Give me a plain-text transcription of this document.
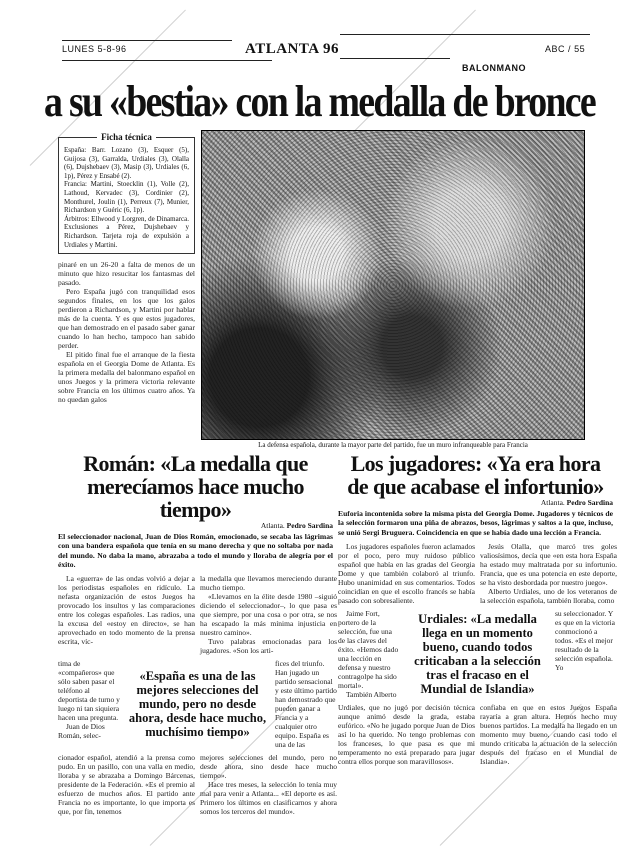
LUNES 5-8-96	ATLANTA 96	ABC / 55
BALONMANO
a su «bestia» con la medalla de bronce
Ficha técnica

España: Barr. Lozano (3), Esquer (5), Guijosa (3), Garralda, Urdiales (3), Olalla (6), Dujshebaev (3), Masip (3), Urdiales (6, 1p), Pérez y Ensabé (2).

Francia: Martini, Stoecklin (1), Volle (2), Lathoud, Kervadec (3), Cordinier (2), Monthurel, Joulin (1), Perreux (7), Munier, Richardson y Guéric (6, 1p).

Árbitros: Ellwood y Lorgren, de Dinamarca. Exclusiones a Pérez, Dujshebaev y Richardson. Tarjeta roja de expulsión a Urdiales y Martini.

pinaré en un 26-20 a falta de menos de un minuto que hizo resucitar los fantasmas del pasado.

Pero España jugó con tranquilidad esos segundos finales, en los que los galos perdieron a Richardson, y Martini por hablar más de la cuenta. Y es que estos jugadores, que han demostrado en el pasado saber ganar cuando lo han hecho, tampoco han sabido perder.

El pitido final fue el arranque de la fiesta española en el Georgia Dome de Atlanta. Es la primera medalla del balonmano español en unos Juegos y la primera victoria relevante sobre Francia en los últimos cuatro años. Ya no quedan galos

La defensa española, durante la mayor parte del partido, fue un muro infranqueable para Francia
Román: «La medalla que merecíamos hace mucho tiempo»
Atlanta. Pedro Sardina
El seleccionador nacional, Juan de Dios Román, emocionado, se secaba las lágrimas con una bandera española que tenía en su mano derecha y que no soltaba por nada del mundo. No daba la mano, abrazaba a todo el mundo y lloraba de alegría por el éxito.

La «guerra» de las ondas volvió a dejar a los periodistas españoles en ridículo. La nefasta organización de estos Juegos ha provocado los insultos y las comparaciones entre los colegas españoles. Las radios, una la excusa del «estoy en directo», se han aprovechado en todo momento de la prensa escrita, víc-

la medalla que llevamos mereciendo durante mucho tiempo.

«Llevamos en la élite desde 1980 –siguió diciendo el seleccionador–, lo que pasa es que siempre, por una cosa o por otra, se nos ha escapado la más mínima injusticia en nuestro camino».

Tuvo palabras emocionadas para los jugadores. «Son los arti-

tima de «compañeros» que sólo saben pasar el teléfono al deportista de turno y luego ni tan siquiera hacen una pregunta.

Juan de Dios Román, selec-

«España es una de las mejores selecciones del mundo, pero no desde ahora, desde hace mucho, muchísimo tiempo»

fices del triunfo. Han jugado un partido sensacional y este último partido han demostrado que pueden ganar a Francia y a cualquier otro equipo. España es una de las

cionador español, atendió a la prensa como pudo. En un pasillo, con una valla en medio, lloraba y se abrazaba a Domingo Bárcenas, presidente de la Federación. «Es el premio al esfuerzo de muchos años. El partido ante Francia no es importante, lo que importa es que, por fin, tenemos

mejores selecciones del mundo, pero no desde ahora, sino desde hace mucho tiempo».

Hace tres meses, la selección lo tenía muy mal para venir a Atlanta... «El deporte es así. Primero los últimos en clasificarnos y ahora somos los terceros del mundo».

Los jugadores: «Ya era hora de que acabase el infortunio»
Atlanta. Pedro Sardina
Euforia incontenida sobre la misma pista del Georgia Dome. Jugadores y técnicos de la selección formaron una piña de abrazos, besos, lágrimas y saltos a la que, incluso, se unió Sergi Bruguera. Coincidencia en que se había dado una lección a Francia.

Los jugadores españoles fueron aclamados por el poco, pero muy ruidoso público español que había en las gradas del Georgia Dome y que también colaboró al triunfo. Hubo unanimidad en sus comentarios. Todos coincidían en que el escollo francés se había pasado con sobresaliente.

Jesús Olalla, que marcó tres goles valiosísimos, decía que «en esta hora España ha estado muy maltratada por su infortunio. Francia, que es una potencia en este deporte, se ha visto desbordada por nuestro juego».

Alberto Urdiales, uno de los veteranos de la selección española, también lloraba, como

Jaime Fort, portero de la selección, fue una de las claves del éxito. «Hemos dado una lección en defensa y nuestro contragolpe ha sido mortal».

También Alberto

Urdiales: «La medalla llega en un momento bueno, cuando todos criticaban a la selección tras el fracaso en el Mundial de Islandia»

su seleccionador. Y es que en la victoria conmocionó a todos. «Es el mejor resultado de la selección española. Yo

Urdiales, que no jugó por decisión técnica aunque animó desde la grada, estaba eufórico. «No he jugado porque Juan de Dios así lo ha querido. No tengo problemas con los franceses, lo que pasa es que mi temperamento no está preparado para jugar contra ellos porque son maravillosos».

confiaba en que en estos Juegos España rayaría a gran altura. Hemos hecho muy buenos partidos. La medalla ha llegado en un momento muy bueno, cuando casi todo el mundo criticaba la actuación de la selección después del fracaso en el Mundial de Islandia».
